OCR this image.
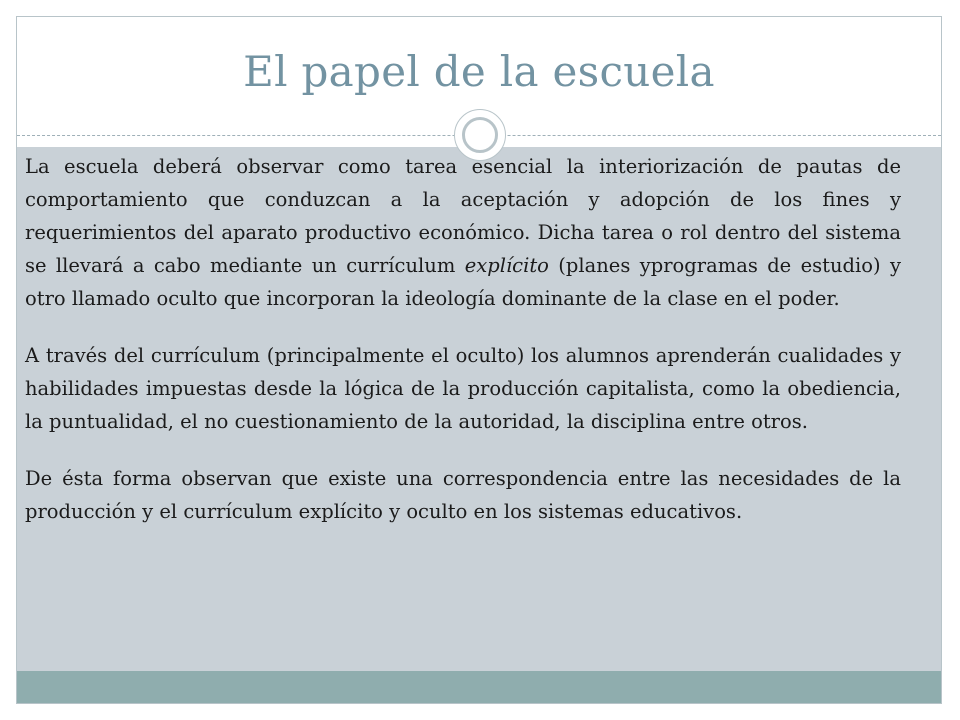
El papel de la escuela

La escuela deberá observar como tarea esencial la interiorización de pautas de comportamiento que conduzcan a la aceptación y adopción de los fines y requerimientos del aparato productivo económico. Dicha tarea o rol dentro del sistema se llevará a cabo mediante un currículum explícito (planes yprogramas de estudio) y otro llamado oculto que incorporan la ideología dominante de la clase en el poder.

A través del currículum (principalmente el oculto) los alumnos aprenderán cualidades y habilidades impuestas desde la lógica de la producción capitalista, como la obediencia, la puntualidad, el no cuestionamiento de la autoridad, la disciplina entre otros.

De ésta forma observan que existe una correspondencia entre las necesidades de la producción y el currículum explícito y oculto en los sistemas educativos.
